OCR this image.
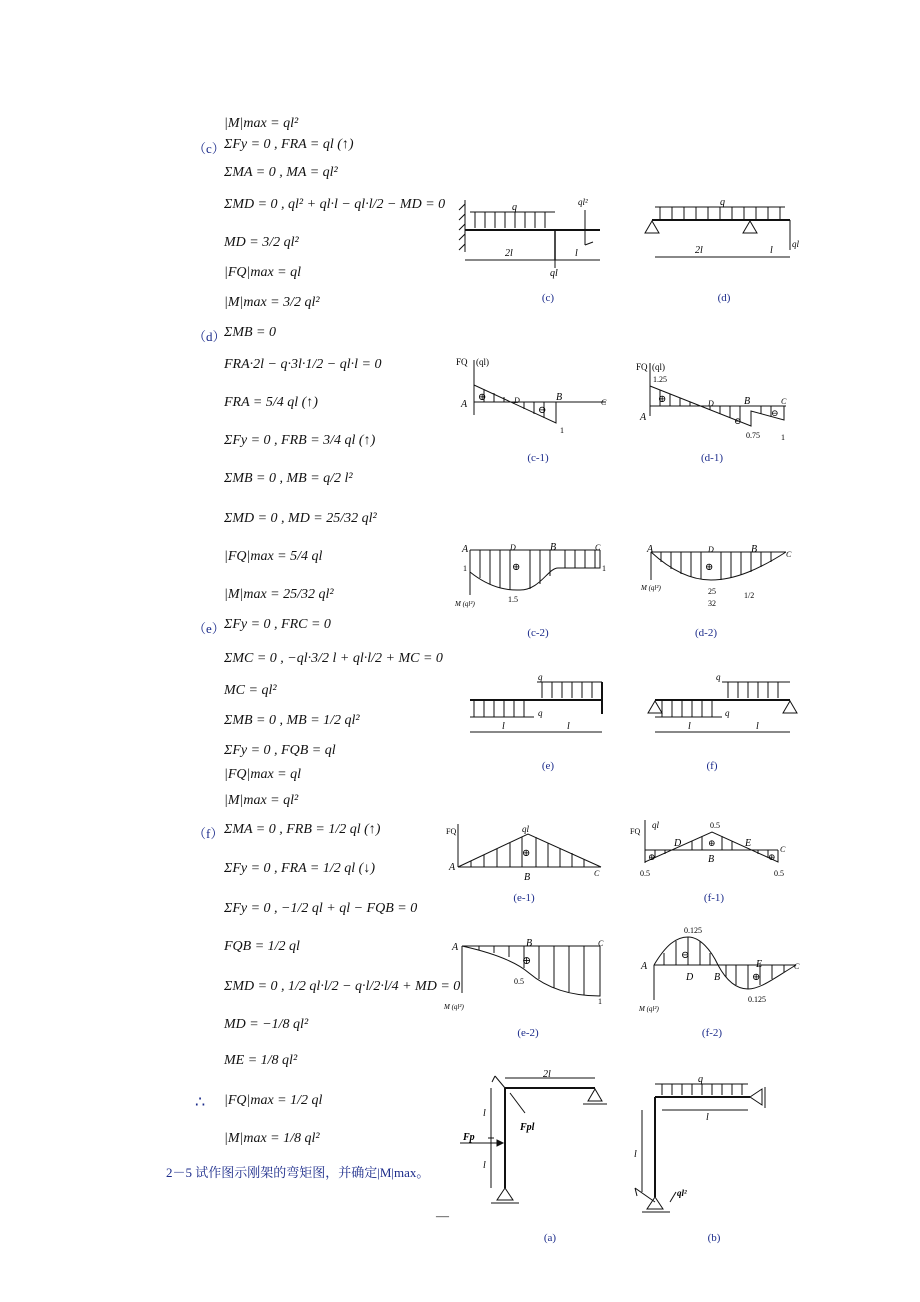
|M|max = ql²
（c） ΣFy = 0 , FRA = ql (↑)
ΣMA = 0 , MA = ql²
ΣMD = 0 , ql² + ql·l − ql·l/2 − MD = 0
MD = 3/2 ql²
|FQ|max = ql
|M|max = 3/2 ql²
（d）
ΣMB = 0
FRA·2l − q·3l·1/2 − ql·l = 0
FRA = 5/4 ql (↑)
ΣFy = 0 , FRB = 3/4 ql (↑)
ΣMB = 0 , MB = q/2 l²
ΣMD = 0 , MD = 25/32 ql²
|FQ|max = 5/4 ql
|M|max = 25/32 ql²
（e） ΣFy = 0 , FRC = 0
ΣMC = 0 , −ql·3/2 l + ql·l/2 + MC = 0
MC = ql²
ΣMB = 0 , MB = 1/2 ql²
ΣFy = 0 , FQB = ql
|FQ|max = ql
|M|max = ql²
（f） ΣMA = 0 , FRB = 1/2 ql (↑)
ΣFy = 0 , FRA = 1/2 ql (↓)
ΣFy = 0 , −1/2 ql + ql − FQB = 0
FQB = 1/2 ql
ΣMD = 0 , 1/2 ql·l/2 − q·l/2·l/4 + MD = 0
MD = −1/8 ql²
ME = 1/8 ql²
∴ |FQ|max = 1/2 ql
|M|max = 1/8 ql²
2－5 试作图示刚架的弯矩图，并确定|M|max。
—
(c)	(d)
(c-1)	(d-1)
(c-2)	(d-2)
(e)	(f)
(e-1)	(f-1)
(e-2)	(f-2)
(a)	(b)
q	ql²
2l	l
ql
q
2l	l
ql
FQ (ql)
A	D	B	C
⊕
⊖
1
FQ (ql)
1.25
A
D	B	C
⊕
⊖
⊖
0.75	1
A	D	B	C
1	1
⊕
1.5
M (ql²)
A	D	B	C
⊕
25
32
1/2
M (ql²)
q
q
l	l
q
q
l	l
FQ	ql
A
B	C
⊕
FQ
ql	0.5
D
B
E
C
⊕
⊕
⊕
0.5	0.5
A	B	C
⊕
0.5
1
M (ql²)
0.125
A
⊖
D B
E
⊕
C
0.125
M (ql²)
2l
l
l
Fp
Fpl
q
l
l
ql²
